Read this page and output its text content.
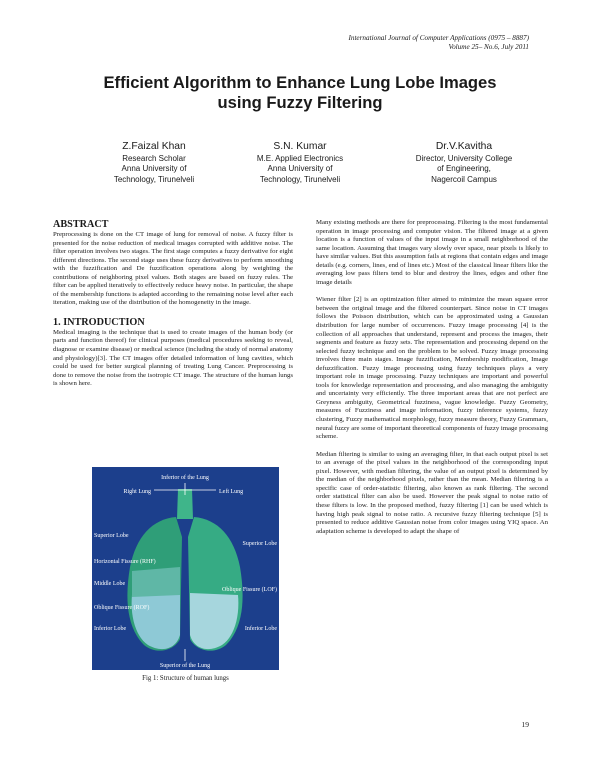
International Journal of Computer Applications (0975 – 8887)
Volume 25– No.6, July 2011
Efficient Algorithm to Enhance Lung Lobe Images
using Fuzzy Filtering
Z.Faizal Khan
Research Scholar
Anna University of
Technology, Tirunelveli
S.N. Kumar
M.E. Applied Electronics
Anna University of
Technology, Tirunelveli
Dr.V.Kavitha
Director, University College
of Engineering,
Nagercoil Campus
ABSTRACT

Preprocessing is done on the CT image of lung for removal of noise. A fuzzy filter is presented for the noise reduction of medical images corrupted with additive noise. The filter operation involves two stages. The first stage computes a fuzzy derivative for eight different directions. The second stage uses these fuzzy derivatives to perform smoothing with the fuzzification and De fuzzification operations along by weighting the contributions of neighboring pixel values. Both stages are based on fuzzy rules. The filter can be applied iteratively to effectively reduce heavy noise. In particular, the shape of the membership functions is adapted according to the remaining noise level after each iteration, making use of the distribution of the homogeneity in the image.

1. INTRODUCTION

Medical imaging is the technique that is used to create images of the human body (or parts and function thereof) for clinical purposes (medical procedures seeking to reveal, diagnose or examine disease) or medical science (including the study of normal anatomy and physiology)[3]. The CT images offer detailed information of lung cavities, which could be used for better surgical planning of treating Lung Cancer. Preprocessing is done to remove the noise from the isotropic CT image. The structure of the human lungs is shown here.

Inferior of the Lung
Right Lung	Left Lung
Superior Lobe
Horizontal Fissure (RHF)
Middle Lobe
Oblique Fissure (ROF)
Inferior Lobe
Superior Lobe
Oblique Fissure (LOF)
Inferior Lobe
Superior of the Lung
Fig 1: Structure of human lungs

Many existing methods are there for preprocessing. Filtering is the most fundamental operation in image processing and computer vision. The filtered image at a given location is a function of values of the input image in a small neighborhood of the same location. Assuming that images vary slowly over space, near pixels is likely to have similar values. But this assumption fails at regions that contain edges and image details (e.g. corners, lines, end of lines etc.) Most of the classical linear filters like the averaging low pass filters tend to blur and destroy the lines, edges and other fine image details

Wiener filter [2] is an optimization filter aimed to minimize the mean square error between the original image and the filtered counterpart. Since noise in CT images follows the Poisson distribution, which can be approximated using a Gaussian distribution for large number of occurrences. Fuzzy image processing [4] is the collection of all approaches that understand, represent and process the images, their segments and feature as fuzzy sets. The representation and processing depend on the selected fuzzy technique and on the problem to be solved. Fuzzy image processing involves three main stages. Image fuzzification, Membership modification, Image defuzzification. Fuzzy image processing using fuzzy techniques plays a very important role in image processing. Fuzzy techniques are important and powerful tools for knowledge representation and processing, and also managing the ambiguity and uncertainty very efficiently. The three important areas that are not perfect are Greyness ambiguity, Geometrical fuzziness, vague knowledge. Fuzzy Geometry, measures of Fuzziness and image information, fuzzy inference systems, fuzzy clustering, Fuzzy mathematical morphology, fuzzy measure theory, Fuzzy Grammars, neural fuzzy are some of important theoretical components of fuzzy image processing scheme.

Median filtering is similar to using an averaging filter, in that each output pixel is set to an average of the pixel values in the neighborhood of the corresponding input pixel. However, with median filtering, the value of an output pixel is determined by the median of the neighborhood pixels, rather than the mean. Median filtering is a specific case of order-statistic filtering, also known as rank filtering. The second order statistical filter can also be used. However the peak signal to noise ratio of these filters is low. In the proposed method, fuzzy filtering [1] can be used which is having high peak signal to noise ratio. A recursive fuzzy filtering technique [5] is presented to reduce additive Gaussian noise from color images using YIQ space. An adaptation scheme is developed to adapt the shape of

19
